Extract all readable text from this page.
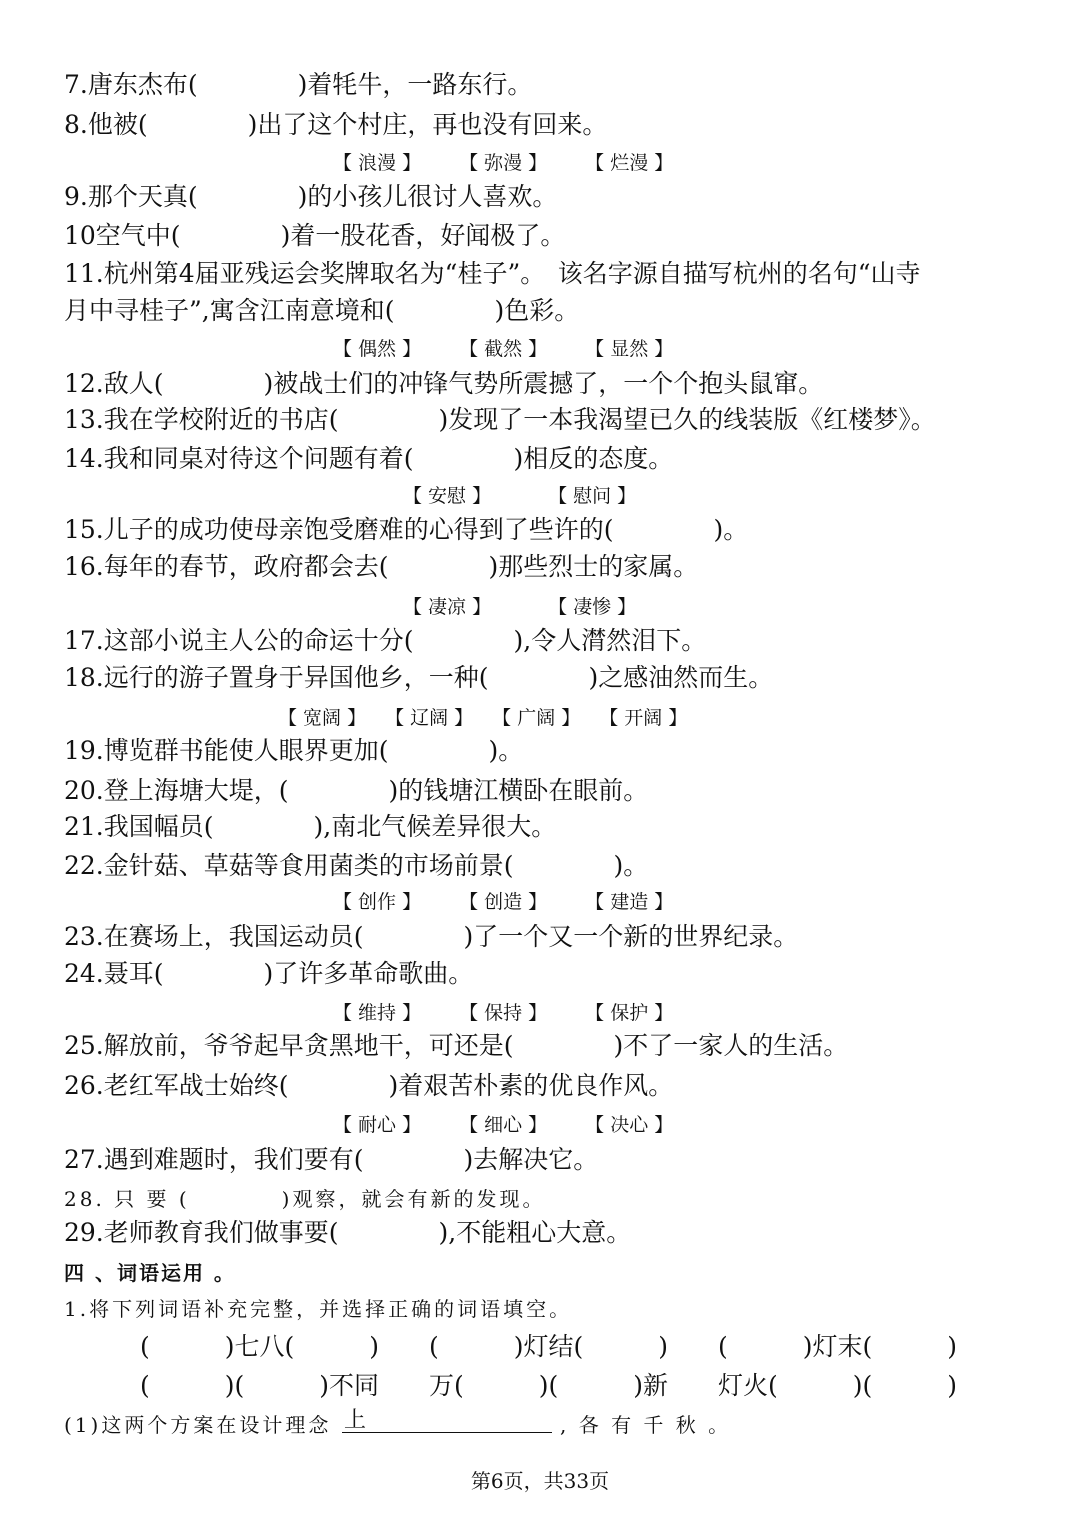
7.唐东杰布(　　　　)着牦牛，一路东行。
8.他被(　　　　)出了这个村庄，再也没有回来。
【 浪漫 】　　　【 弥漫 】　　　【 烂漫 】
9.那个天真(　　　　)的小孩儿很讨人喜欢。
10空气中(　　　　)着一股花香，好闻极了。
11.杭州第4届亚残运会奖牌取名为“桂子”。　该名字源自描写杭州的名句“山寺
月中寻桂子”,寓含江南意境和(　　　　)色彩。
【 偶然 】　　　【 截然 】　　　【 显然 】
12.敌人(　　　　)被战士们的冲锋气势所震撼了，一个个抱头鼠窜。
13.我在学校附近的书店(　　　　)发现了一本我渴望已久的线装版《红楼梦》。
14.我和同桌对待这个问题有着(　　　　)相反的态度。
【 安慰 】　　　　【 慰问 】
15.儿子的成功使母亲饱受磨难的心得到了些许的(　　　　)。
16.每年的春节，政府都会去(　　　　)那些烈士的家属。
【 凄凉 】　　　　【 凄惨 】
17.这部小说主人公的命运十分(　　　　),令人潸然泪下。
18.远行的游子置身于异国他乡，一种(　　　　)之感油然而生。
【 宽阔 】　　【 辽阔 】　　【 广阔 】　　【 开阔 】
19.博览群书能使人眼界更加(　　　　)。
20.登上海塘大堤，(　　　　)的钱塘江横卧在眼前。
21.我国幅员(　　　　),南北气候差异很大。
22.金针菇、草菇等食用菌类的市场前景(　　　　)。
【 创作 】　　　【 创造 】　　　【 建造 】
23.在赛场上，我国运动员(　　　　)了一个又一个新的世界纪录。
24.聂耳(　　　　)了许多革命歌曲。
【 维持 】　　　【 保持 】　　　【 保护 】
25.解放前，爷爷起早贪黑地干，可还是(　　　　)不了一家人的生活。
26.老红军战士始终(　　　　)着艰苦朴素的优良作风。
【 耐心 】　　　【 细心 】　　　【 决心 】
27.遇到难题时，我们要有(　　　　)去解决它。
28. 只 要 (　　　　)观察，就会有新的发现。
29.老师教育我们做事要(　　　　),不能粗心大意。
四 、词语运用 。
1.将下列词语补充完整，并选择正确的词语填空。
(　　　)七八(　　　)　　(　　　)灯结(　　　)　　(　　　)灯末(　　　)
(　　　)(　　　)不同　　万(　　　)(　　　)新　　灯火(　　　)(　　　)
(1)这两个方案在设计理念 上	, 各 有 千 秋 。
第6页，共33页
